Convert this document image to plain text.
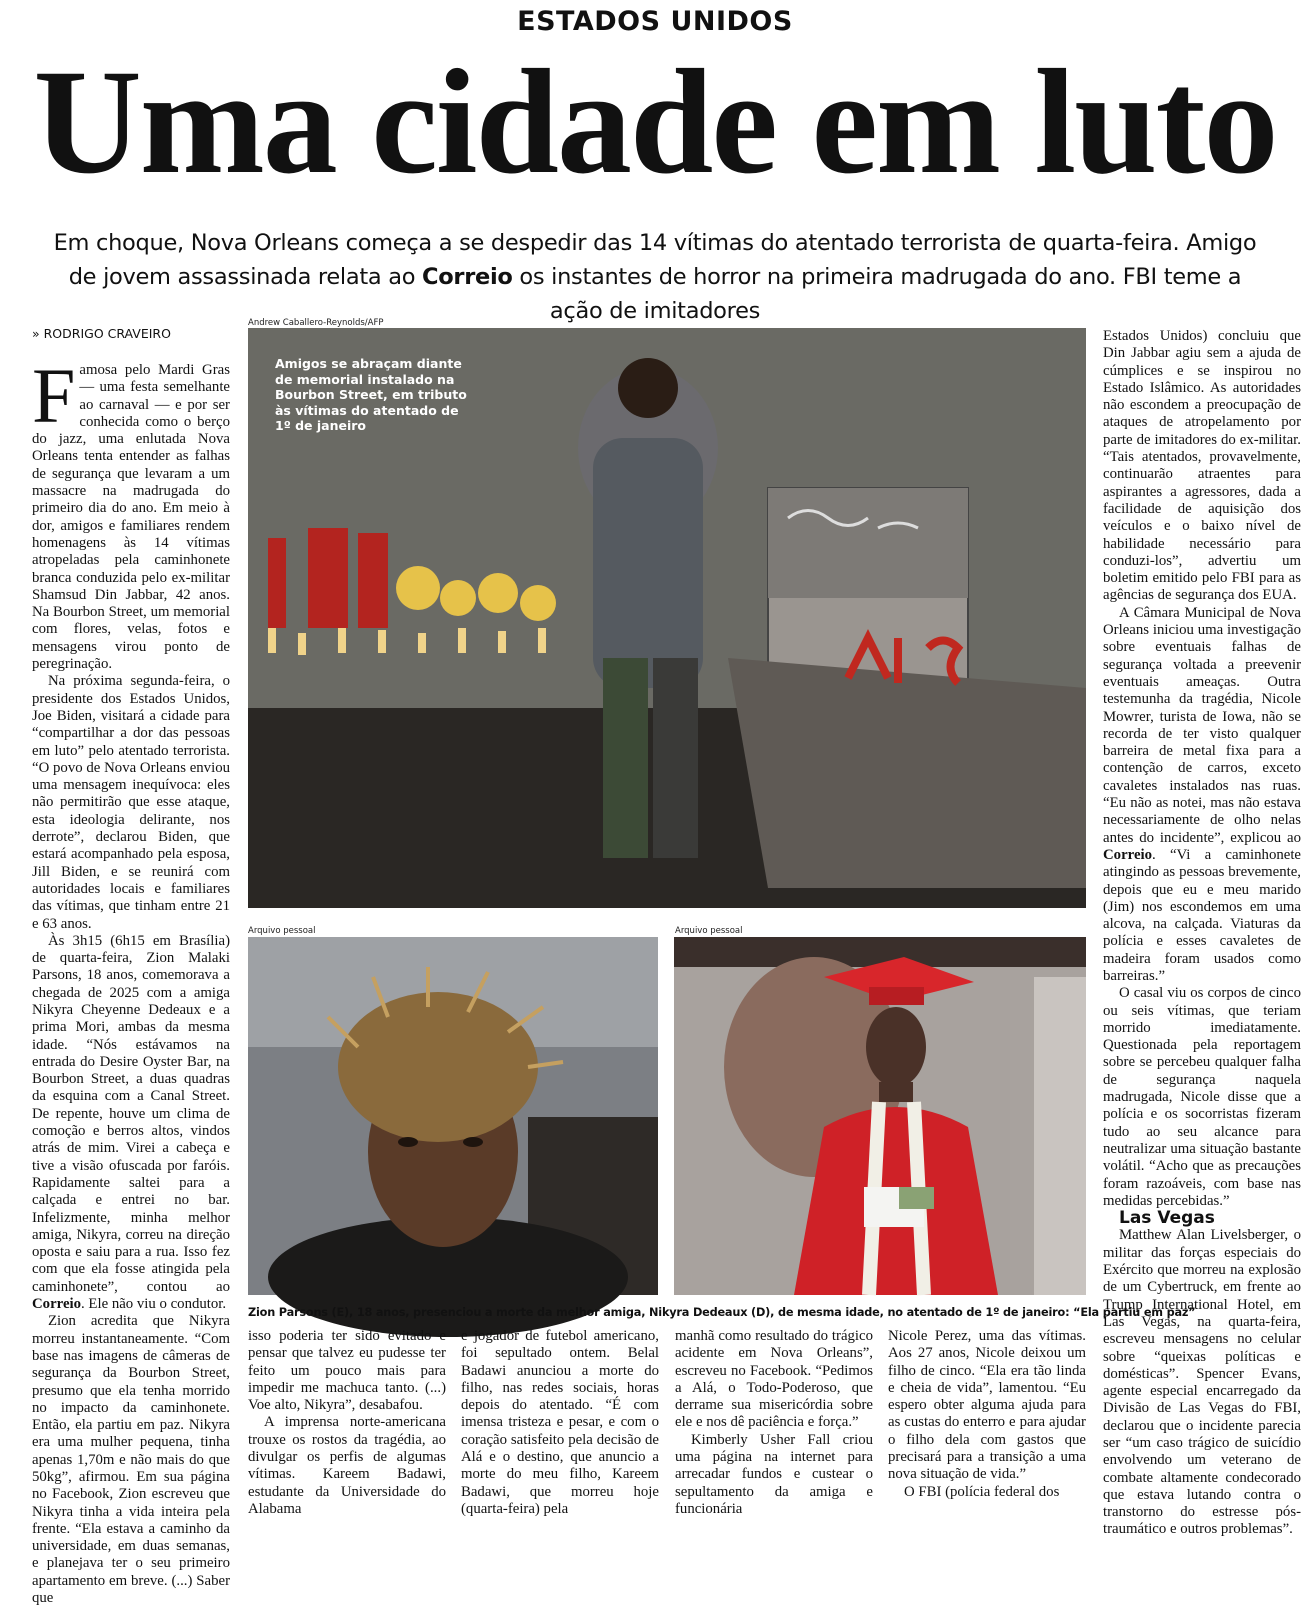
ESTADOS UNIDOS
Uma cidade em luto
Em choque, Nova Orleans começa a se despedir das 14 vítimas do atentado terrorista de quarta-feira. Amigo de jovem assassinada relata ao Correio os instantes de horror na primeira madrugada do ano. FBI teme a ação de imitadores
» RODRIGO CRAVEIRO

Famosa pelo Mardi Gras — uma festa semelhante ao carnaval — e por ser conhecida como o berço do jazz, uma enlutada Nova Orleans tenta entender as falhas de segurança que levaram a um massacre na madrugada do primeiro dia do ano. Em meio à dor, amigos e familiares rendem homenagens às 14 vítimas atropeladas pela caminhonete branca conduzida pelo ex-militar Shamsud Din Jabbar, 42 anos. Na Bourbon Street, um memorial com flores, velas, fotos e mensagens virou ponto de peregrinação.

Na próxima segunda-feira, o presidente dos Estados Unidos, Joe Biden, visitará a cidade para “compartilhar a dor das pessoas em luto” pelo atentado terrorista. “O povo de Nova Orleans enviou uma mensagem inequívoca: eles não permitirão que esse ataque, esta ideologia delirante, nos derrote”, declarou Biden, que estará acompanhado pela esposa, Jill Biden, e se reunirá com autoridades locais e familiares das vítimas, que tinham entre 21 e 63 anos.

Às 3h15 (6h15 em Brasília) de quarta-feira, Zion Malaki Parsons, 18 anos, comemorava a chegada de 2025 com a amiga Nikyra Cheyenne Dedeaux e a prima Mori, ambas da mesma idade. “Nós estávamos na entrada do Desire Oyster Bar, na Bourbon Street, a duas quadras da esquina com a Canal Street. De repente, houve um clima de comoção e berros altos, vindos atrás de mim. Virei a cabeça e tive a visão ofuscada por faróis. Rapidamente saltei para a calçada e entrei no bar. Infelizmente, minha melhor amiga, Nikyra, correu na direção oposta e saiu para a rua. Isso fez com que ela fosse atingida pela caminhonete”, contou ao Correio. Ele não viu o condutor.

Zion acredita que Nikyra morreu instantaneamente. “Com base nas imagens de câmeras de segurança da Bourbon Street, presumo que ela tenha morrido no impacto da caminhonete. Então, ela partiu em paz. Nikyra era uma mulher pequena, tinha apenas 1,70m e não mais do que 50kg”, afirmou. Em sua página no Facebook, Zion escreveu que Nikyra tinha a vida inteira pela frente. “Ela estava a caminho da universidade, em duas semanas, e planejava ter o seu primeiro apartamento em breve. (...) Saber que

Andrew Caballero-Reynolds/AFP
Amigos se abraçam diante de memorial instalado na Bourbon Street, em tributo às vítimas do atentado de 1º de janeiro
Arquivo pessoal	Arquivo pessoal
Zion Parsons (E), 18 anos, presenciou a morte da melhor amiga, Nikyra Dedeaux (D), de mesma idade, no atentado de 1º de janeiro: “Ela partiu em paz”

isso poderia ter sido evitado e pensar que talvez eu pudesse ter feito um pouco mais para impedir me machuca tanto. (...) Voe alto, Nikyra”, desabafou.

A imprensa norte-americana trouxe os rostos da tragédia, ao divulgar os perfis de algumas vítimas. Kareem Badawi, estudante da Universidade do Alabama

e jogador de futebol americano, foi sepultado ontem. Belal Badawi anunciou a morte do filho, nas redes sociais, horas depois do atentado. “É com imensa tristeza e pesar, e com o coração satisfeito pela decisão de Alá e o destino, que anuncio a morte do meu filho, Kareem Badawi, que morreu hoje (quarta-feira) pela

manhã como resultado do trágico acidente em Nova Orleans”, escreveu no Facebook. “Pedimos a Alá, o Todo-Poderoso, que derrame sua misericórdia sobre ele e nos dê paciência e força.”

Kimberly Usher Fall criou uma página na internet para arrecadar fundos e custear o sepultamento da amiga e funcionária

Nicole Perez, uma das vítimas. Aos 27 anos, Nicole deixou um filho de cinco. “Ela era tão linda e cheia de vida”, lamentou. “Eu espero obter alguma ajuda para as custas do enterro e para ajudar o filho dela com gastos que precisará para a transição a uma nova situação de vida.”

O FBI (polícia federal dos

Estados Unidos) concluiu que Din Jabbar agiu sem a ajuda de cúmplices e se inspirou no Estado Islâmico. As autoridades não escondem a preocupação de ataques de atropelamento por parte de imitadores do ex-militar. “Tais atentados, provavelmente, continuarão atraentes para aspirantes a agressores, dada a facilidade de aquisição dos veículos e o baixo nível de habilidade necessário para conduzi-los”, advertiu um boletim emitido pelo FBI para as agências de segurança dos EUA.

A Câmara Municipal de Nova Orleans iniciou uma investigação sobre eventuais falhas de segurança voltada a preevenir eventuais ameaças. Outra testemunha da tragédia, Nicole Mowrer, turista de Iowa, não se recorda de ter visto qualquer barreira de metal fixa para a contenção de carros, exceto cavaletes instalados nas ruas. “Eu não as notei, mas não estava necessariamente de olho nelas antes do incidente”, explicou ao Correio. “Vi a caminhonete atingindo as pessoas brevemente, depois que eu e meu marido (Jim) nos escondemos em uma alcova, na calçada. Viaturas da polícia e esses cavaletes de madeira foram usados como barreiras.”

O casal viu os corpos de cinco ou seis vítimas, que teriam morrido imediatamente. Questionada pela reportagem sobre se percebeu qualquer falha de segurança naquela madrugada, Nicole disse que a polícia e os socorristas fizeram tudo ao seu alcance para neutralizar uma situação bastante volátil. “Acho que as precauções foram razoáveis, com base nas medidas percebidas.”

Las Vegas

Matthew Alan Livelsberger, o militar das forças especiais do Exército que morreu na explosão de um Cybertruck, em frente ao Trump International Hotel, em Las Vegas, na quarta-feira, escreveu mensagens no celular sobre “queixas políticas e domésticas”. Spencer Evans, agente especial encarregado da Divisão de Las Vegas do FBI, declarou que o incidente parecia ser “um caso trágico de suicídio envolvendo um veterano de combate altamente condecorado que estava lutando contra o transtorno do estresse pós-traumático e outros problemas”.
